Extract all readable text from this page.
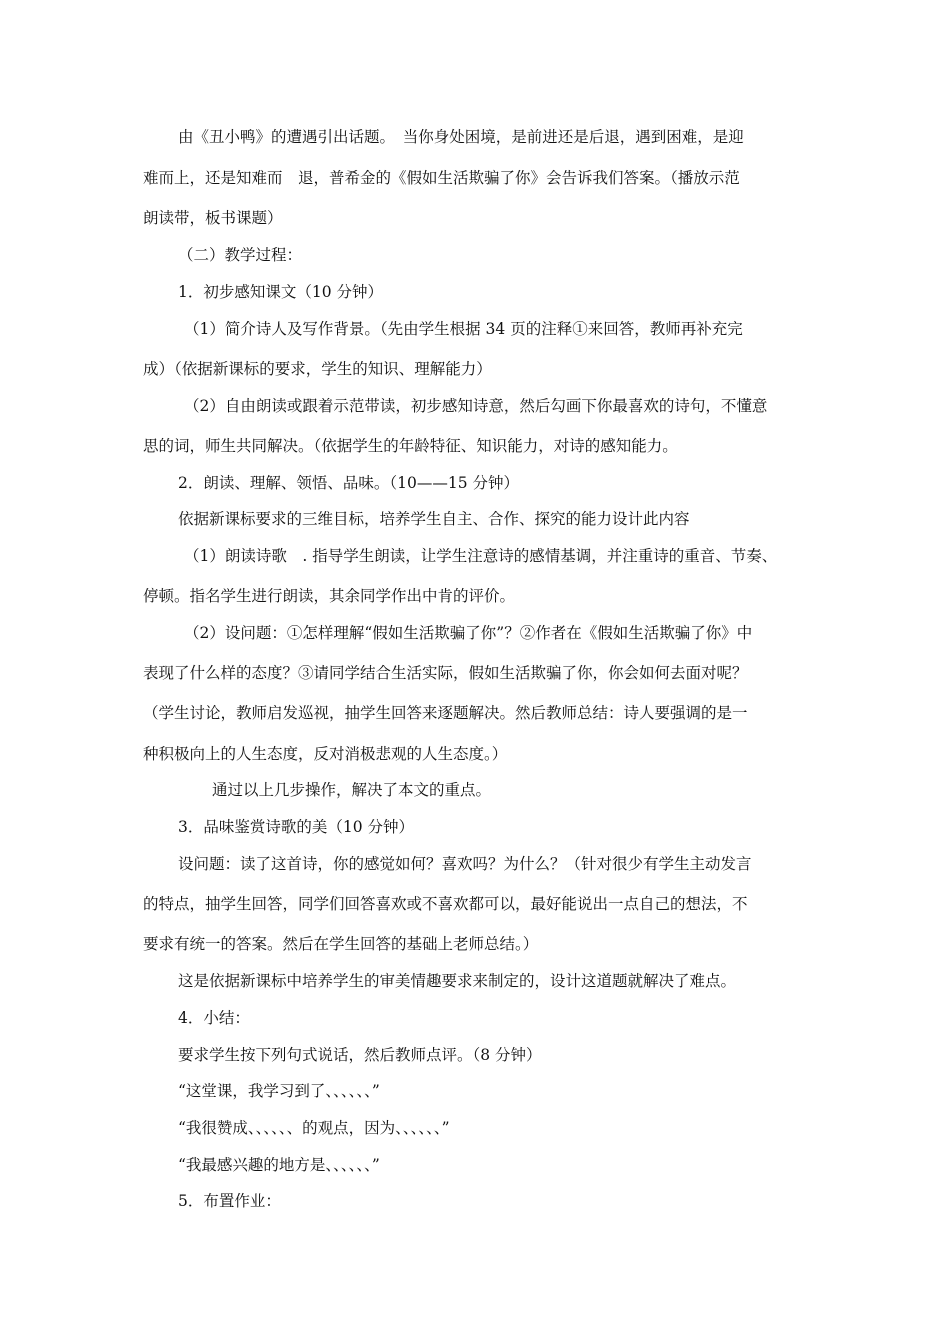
由《丑小鸭》的遭遇引出话题。　当你身处困境，是前进还是后退，遇到困难，是迎
难而上，还是知难而　退，普希金的《假如生活欺骗了你》会告诉我们答案。（播放示范
朗读带，板书课题）
（二）教学过程：
1．初步感知课文（10 分钟）
（1）简介诗人及写作背景。（先由学生根据 34 页的注释①来回答，教师再补充完
成）（依据新课标的要求，学生的知识、理解能力）
（2）自由朗读或跟着示范带读，初步感知诗意，然后勾画下你最喜欢的诗句，不懂意
思的词，师生共同解决。（依据学生的年龄特征、知识能力，对诗的感知能力。
2．朗读、理解、领悟、品味。（10——15 分钟）
依据新课标要求的三维目标，培养学生自主、合作、探究的能力设计此内容
（1）朗读诗歌　. 指导学生朗读，让学生注意诗的感情基调，并注重诗的重音、节奏、
停顿。指名学生进行朗读，其余同学作出中肯的评价。
（2）设问题：①怎样理解“假如生活欺骗了你”？②作者在《假如生活欺骗了你》中
表现了什么样的态度？③请同学结合生活实际，假如生活欺骗了你，你会如何去面对呢？
（学生讨论，教师启发巡视，抽学生回答来逐题解决。然后教师总结：诗人要强调的是一
种积极向上的人生态度，反对消极悲观的人生态度。）
通过以上几步操作，解决了本文的重点。
3．品味鉴赏诗歌的美（10 分钟）
设问题：读了这首诗，你的感觉如何？喜欢吗？为什么？（针对很少有学生主动发言
的特点，抽学生回答，同学们回答喜欢或不喜欢都可以，最好能说出一点自己的想法，不
要求有统一的答案。然后在学生回答的基础上老师总结。）
这是依据新课标中培养学生的审美情趣要求来制定的，设计这道题就解决了难点。
4．小结：
要求学生按下列句式说话，然后教师点评。（8 分钟）
“这堂课，我学习到了、、、、、、”
“我很赞成、、、、、、的观点，因为、、、、、、”
“我最感兴趣的地方是、、、、、、”
5．布置作业：
